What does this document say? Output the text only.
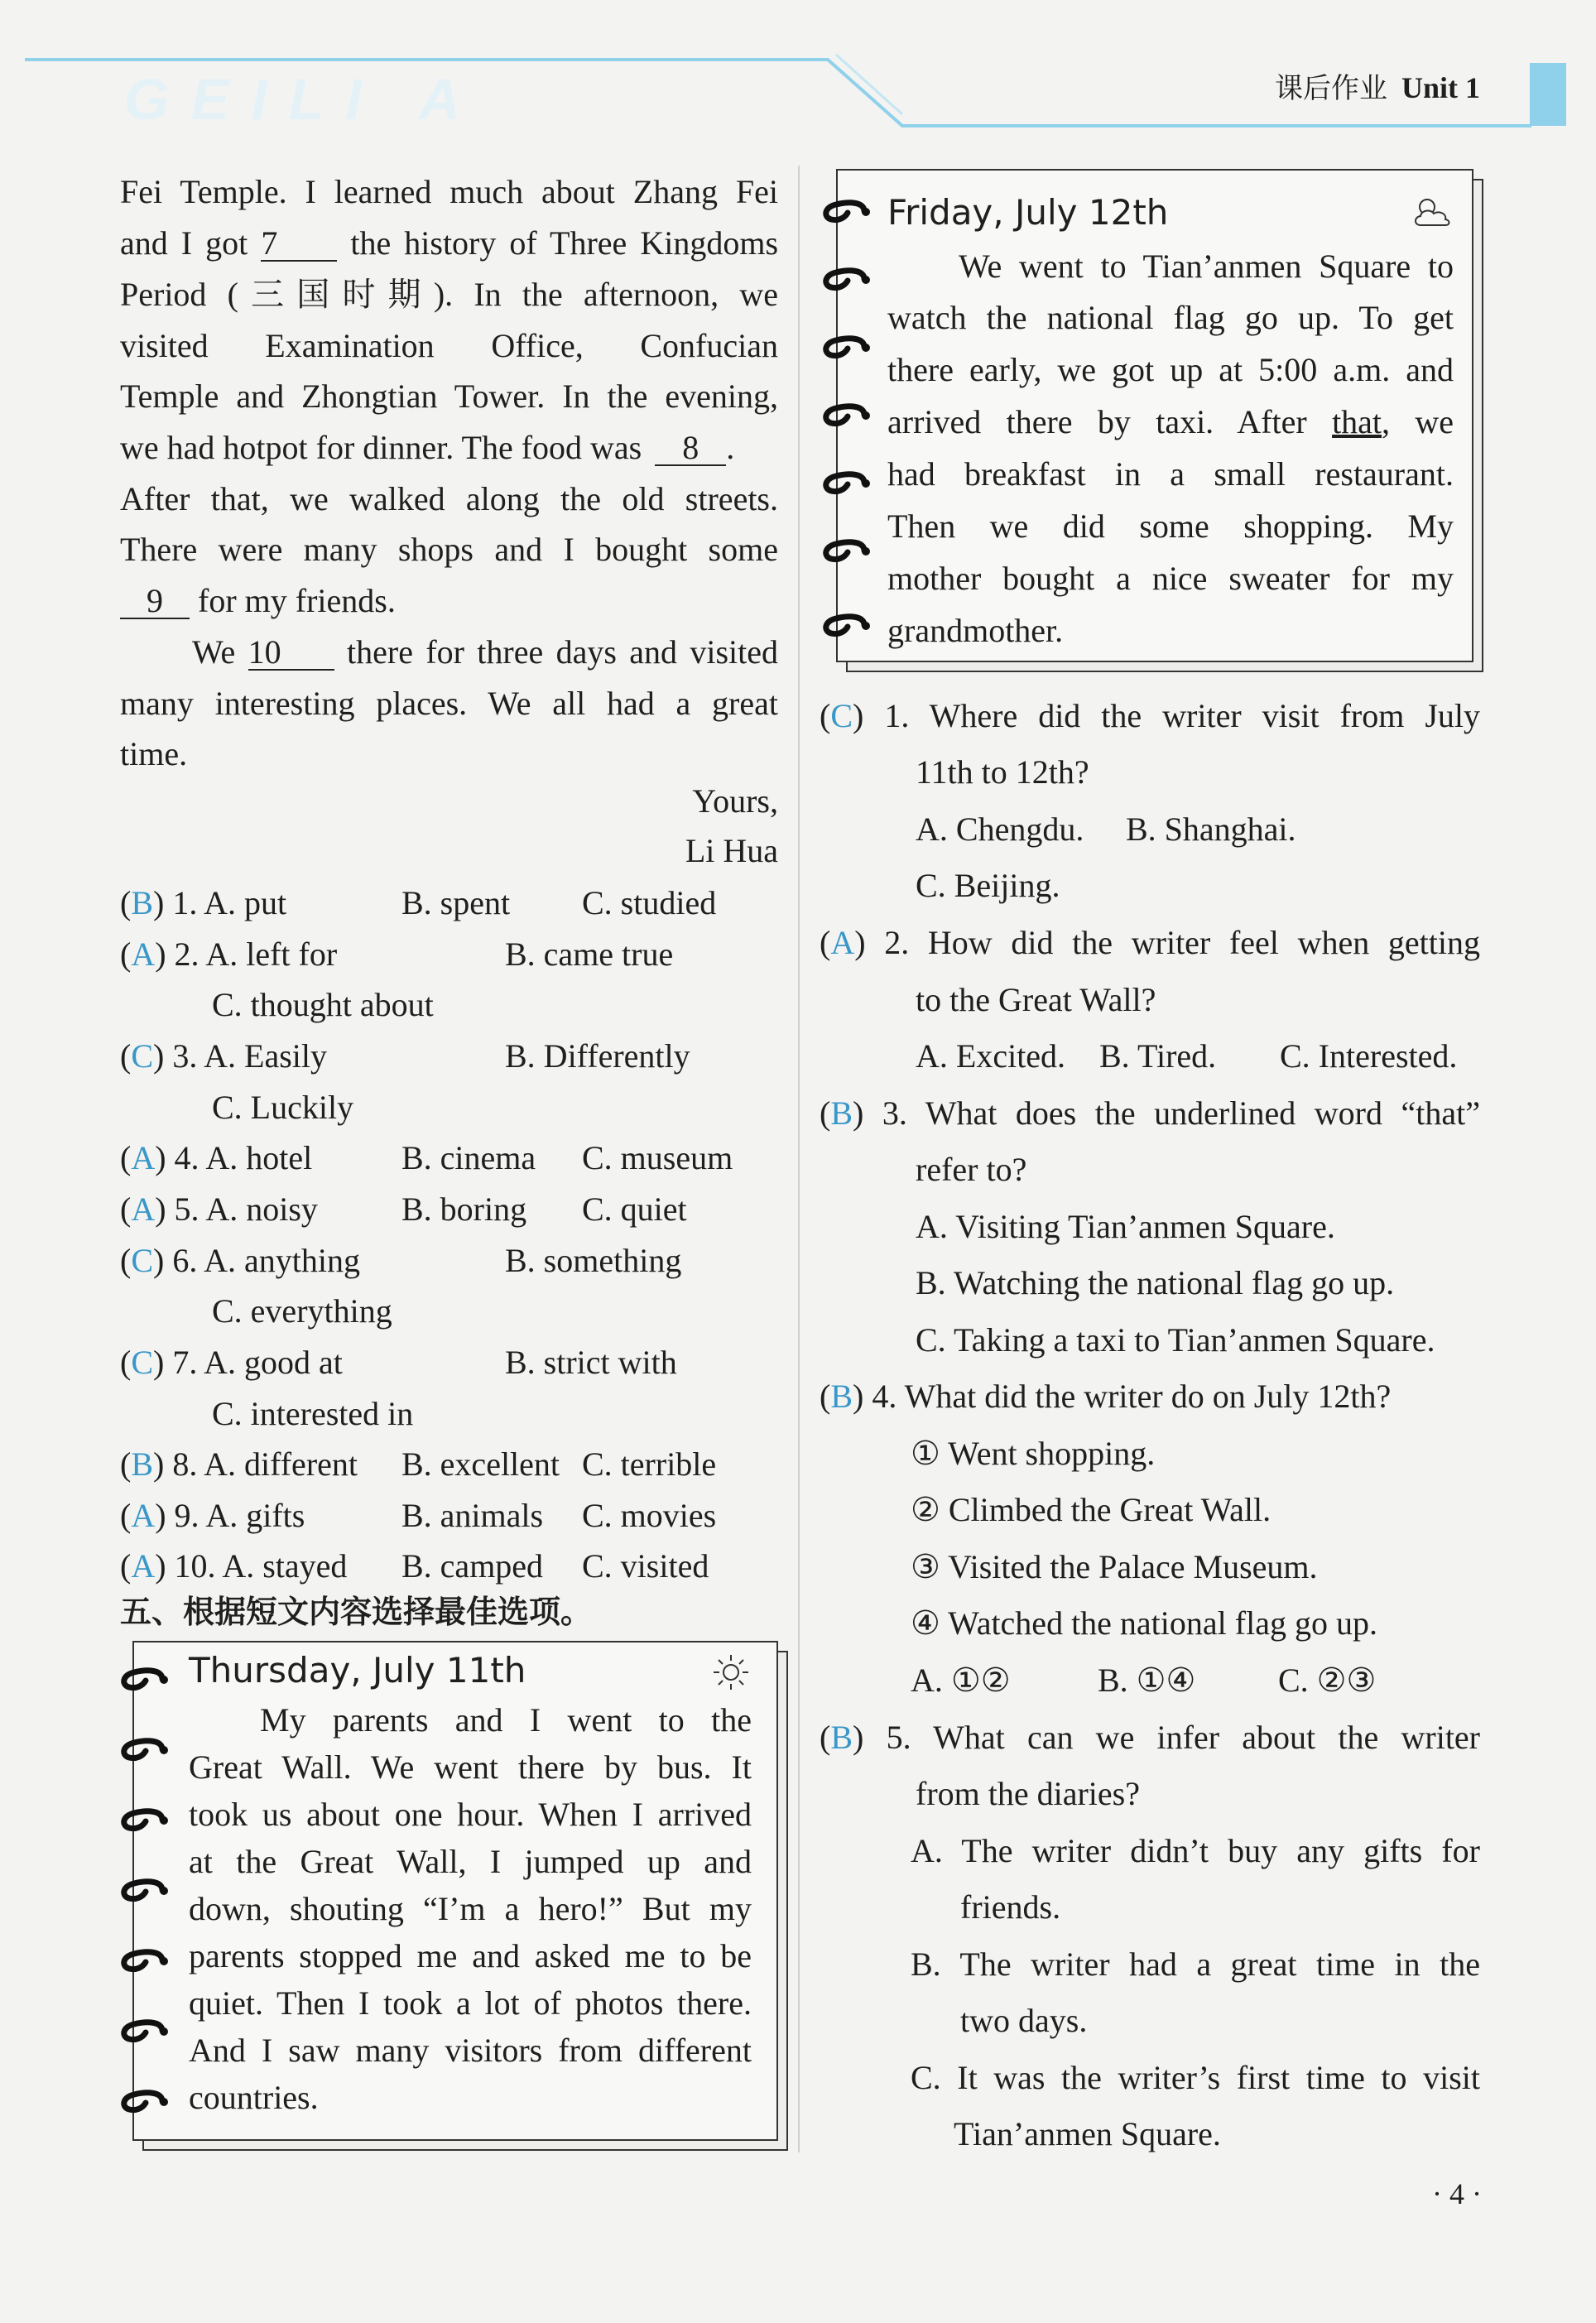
GEILI A	课后作业 Unit 1
Fei Temple. I learned much about Zhang Fei
and I got 7 the history of Three Kingdoms
Period (三国时期). In the afternoon, we
visited Examination Office, Confucian
Temple and Zhongtian Tower. In the evening,
we had hotpot for dinner. The food was 8 .
After that, we walked along the old streets.
There were many shops and I bought some
9 for my friends.
We 10 there for three days and visited
many interesting places. We all had a great
time.
Yours,
Li Hua
(B) 1. A. put	B. spent C. studied
(A) 2. A. left for	B. came true
C. thought about
(C) 3. A. Easily	B. Differently
C. Luckily
(A) 4. A. hotel	B. cinema C. museum
(A) 5. A. noisy	B. boring C. quiet
(C) 6. A. anything	B. something
C. everything
(C) 7. A. good at	B. strict with
C. interested in
(B) 8. A. different B. excellent C. terrible
(A) 9. A. gifts	B. animals C. movies
(A) 10. A. stayed B. camped C. visited
五、根据短文内容选择最佳选项。
Thursday, July 11th
My parents and I went to the
Great Wall. We went there by bus. It
took us about one hour. When I arrived
at the Great Wall, I jumped up and
down, shouting “I’m a hero!” But my
parents stopped me and asked me to be
quiet. Then I took a lot of photos there.
And I saw many visitors from different
countries.
Friday, July 12th
We went to Tian’anmen Square to
watch the national flag go up. To get
there early, we got up at 5:00 a.m. and
arrived there by taxi. After that, we
had breakfast in a small restaurant.
Then we did some shopping. My
mother bought a nice sweater for my
grandmother.
(C) 1. Where did the writer visit from July
11th to 12th?
A. Chengdu. B. Shanghai.
C. Beijing.
(A) 2. How did the writer feel when getting
to the Great Wall?
A. Excited. B. Tired. C. Interested.
(B) 3. What does the underlined word “that”
refer to?
A. Visiting Tian’anmen Square.
B. Watching the national flag go up.
C. Taking a taxi to Tian’anmen Square.
(B) 4. What did the writer do on July 12th?
① Went shopping.
② Climbed the Great Wall.
③ Visited the Palace Museum.
④ Watched the national flag go up.
A. ①②	B. ①④ C. ②③
(B) 5. What can we infer about the writer
from the diaries?
A. The writer didn’t buy any gifts for
friends.
B. The writer had a great time in the
two days.
C. It was the writer’s first time to visit
Tian’anmen Square.
· 4 ·
